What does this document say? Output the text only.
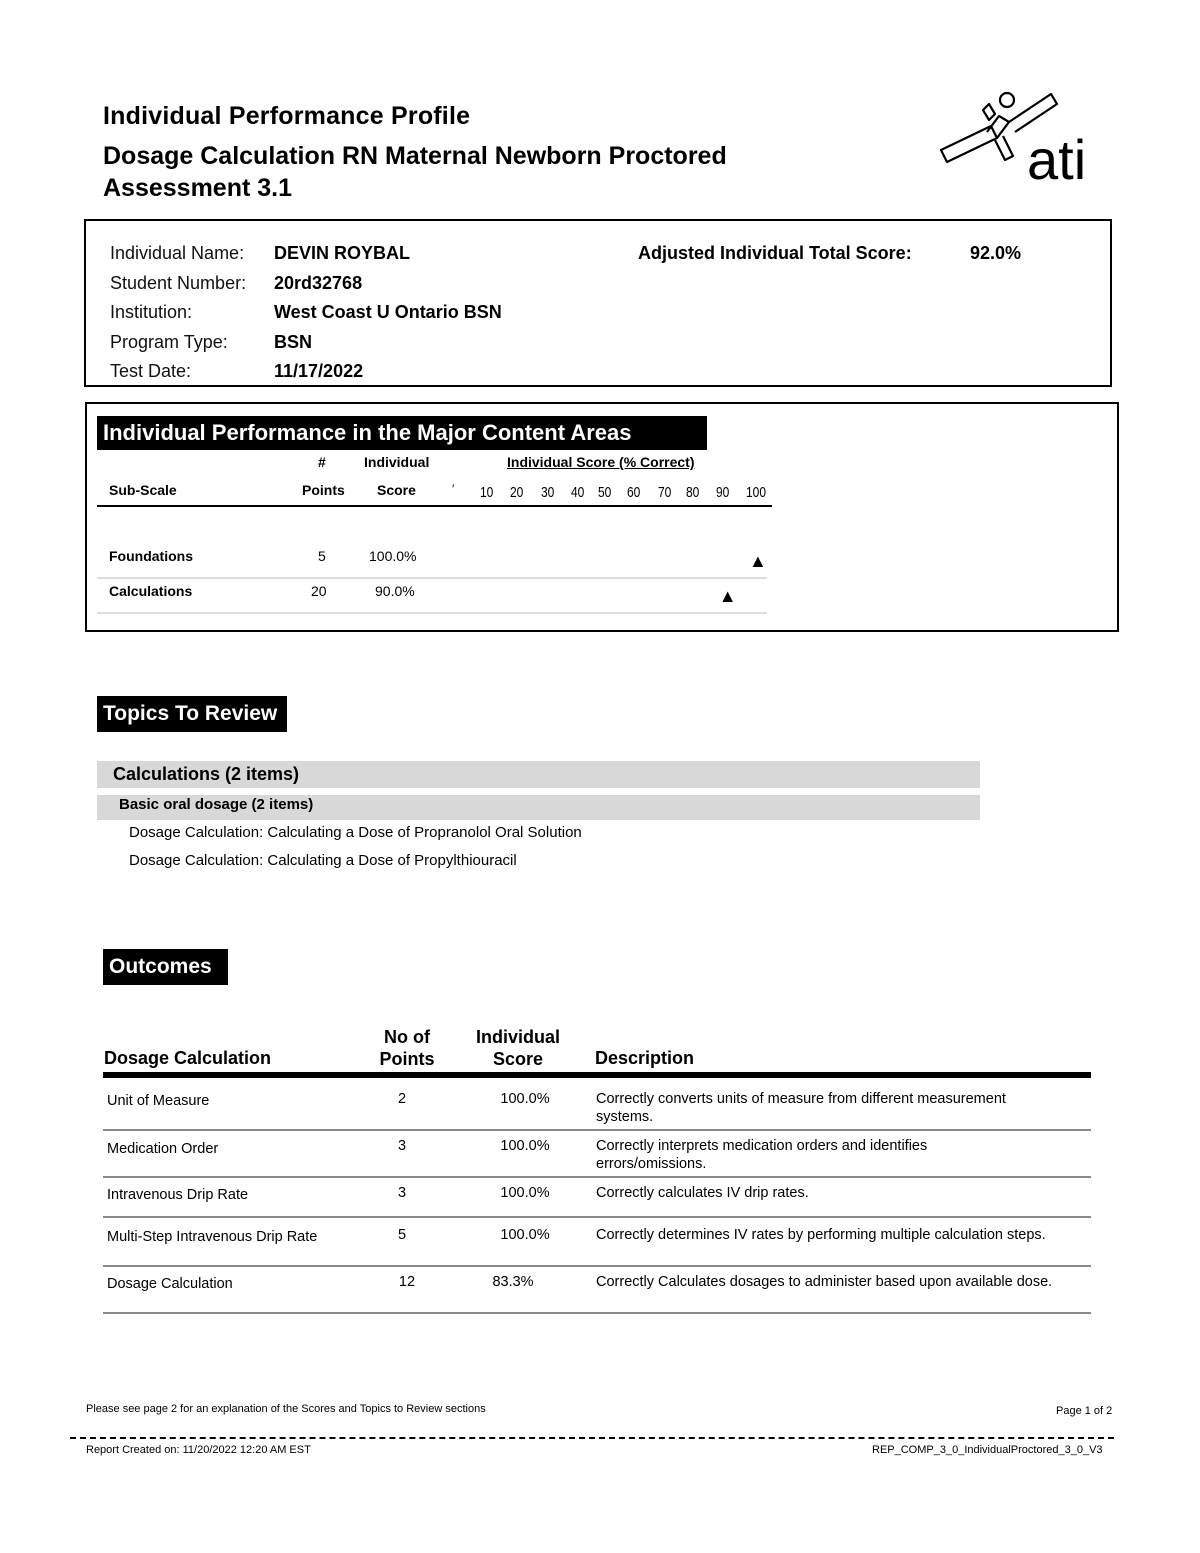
Individual Performance Profile
Dosage Calculation RN Maternal Newborn Proctored Assessment 3.1	ati
Individual Name: DEVIN ROYBAL
Student Number: 20rd32768
Institution:	West Coast U Ontario BSN
Program Type:	BSN
Test Date:	11/17/2022
Adjusted Individual Total Score:	92.0%
Individual Performance in the Major Content Areas
#	Individual	Individual Score (% Correct)
Sub-Scale	Points Score	′ 10 20 30 40 50 60 70 80 90 100
Foundations	5	100.0%	▲
Calculations	20	90.0%	▲
Topics To Review
Calculations (2 items)
Basic oral dosage (2 items)
Dosage Calculation: Calculating a Dose of Propranolol Oral Solution
Dosage Calculation: Calculating a Dose of Propylthiouracil
Outcomes
Dosage Calculation
No of
Points
Individual
Score	Description
Unit of Measure	2	100.0%	Correctly converts units of measure from different measurement systems.
Medication Order	3	100.0%	Correctly interprets medication orders and identifies errors/omissions.
Intravenous Drip Rate	3	100.0%	Correctly calculates IV drip rates.
Multi-Step Intravenous Drip Rate	5	100.0%	Correctly determines IV rates by performing multiple calculation steps.
Dosage Calculation	12	83.3%	Correctly Calculates dosages to administer based upon available dose.
Please see page 2 for an explanation of the Scores and Topics to Review sections	Page 1 of 2
Report Created on: 11/20/2022 12:20 AM EST	REP_COMP_3_0_IndividualProctored_3_0_V3
